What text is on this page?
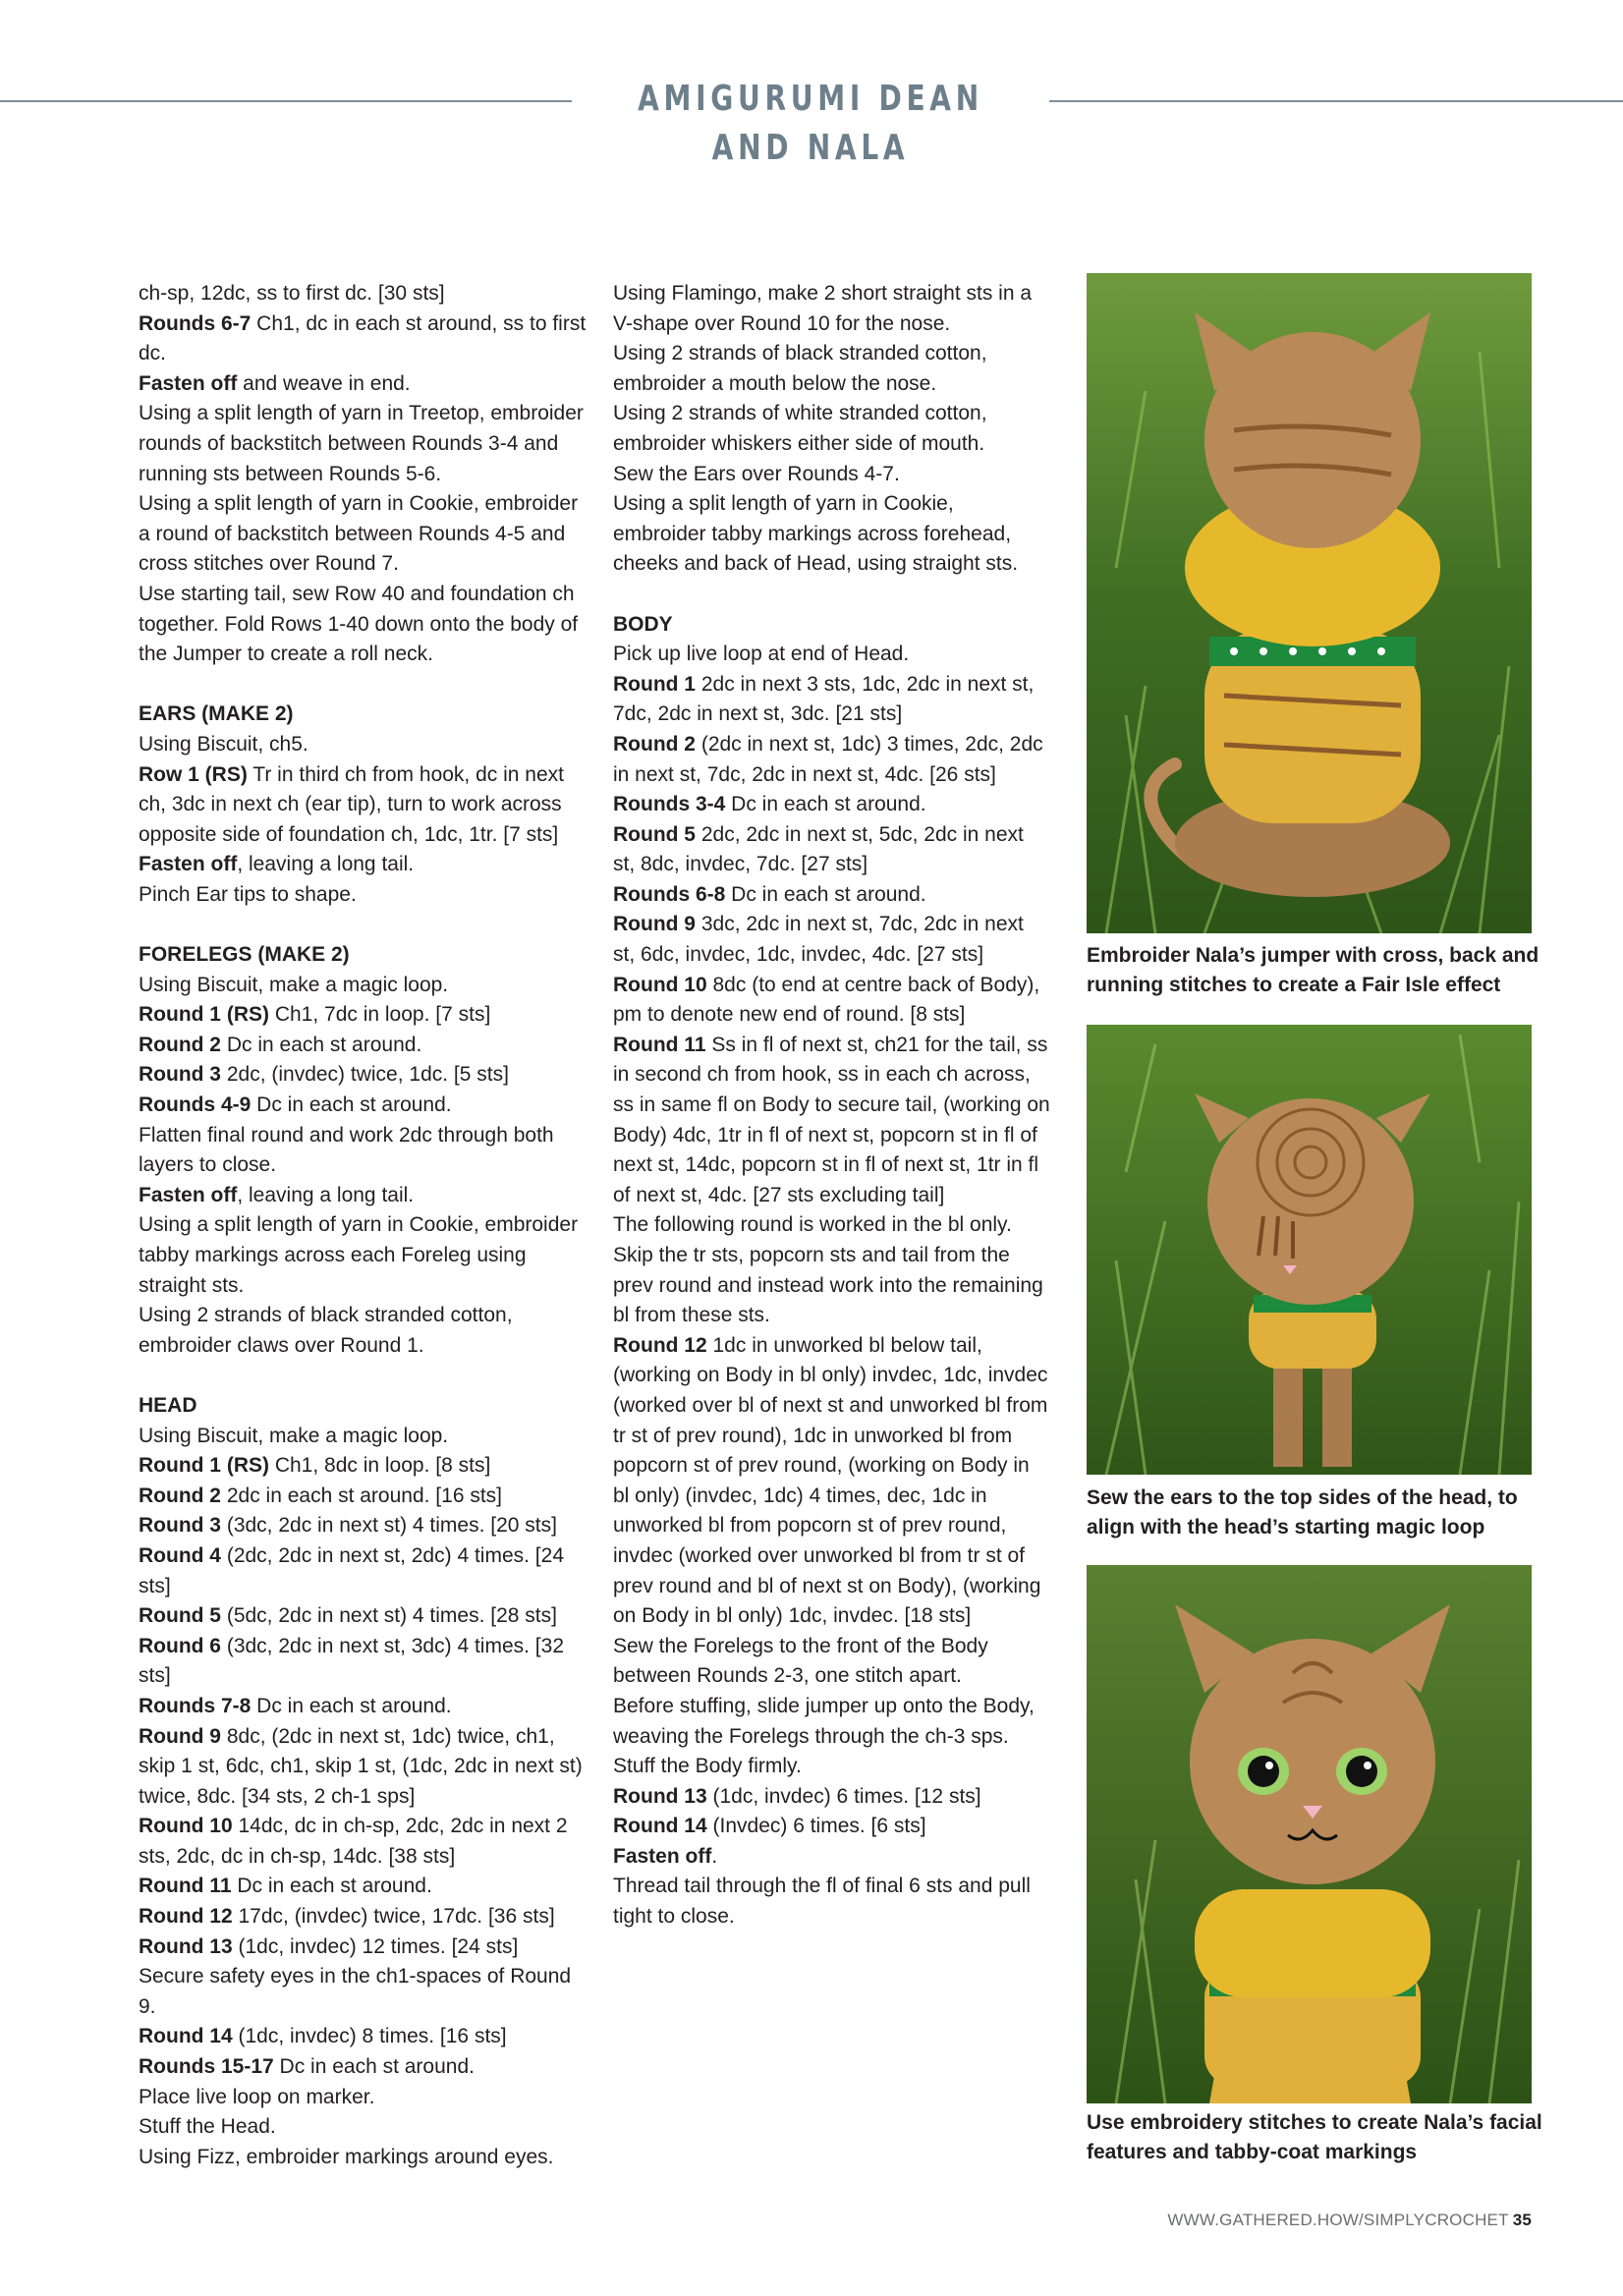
AMIGURUMI DEAN AND NALA

ch-sp, 12dc, ss to first dc. [30 sts]

Rounds 6-7 Ch1, dc in each st around, ss to first dc.

Fasten off and weave in end.

Using a split length of yarn in Treetop, embroider rounds of backstitch between Rounds 3-4 and running sts between Rounds 5-6.

Using a split length of yarn in Cookie, embroider a round of backstitch between Rounds 4-5 and cross stitches over Round 7.

Use starting tail, sew Row 40 and foundation ch together. Fold Rows 1-40 down onto the body of the Jumper to create a roll neck.

EARS (MAKE 2)

Using Biscuit, ch5.

Row 1 (RS) Tr in third ch from hook, dc in next ch, 3dc in next ch (ear tip), turn to work across opposite side of foundation ch, 1dc, 1tr. [7 sts]

Fasten off, leaving a long tail.

Pinch Ear tips to shape.

FORELEGS (MAKE 2)

Using Biscuit, make a magic loop.

Round 1 (RS) Ch1, 7dc in loop. [7 sts]

Round 2 Dc in each st around.

Round 3 2dc, (invdec) twice, 1dc. [5 sts]

Rounds 4-9 Dc in each st around.

Flatten final round and work 2dc through both layers to close.

Fasten off, leaving a long tail.

Using a split length of yarn in Cookie, embroider tabby markings across each Foreleg using straight sts.

Using 2 strands of black stranded cotton, embroider claws over Round 1.

HEAD

Using Biscuit, make a magic loop.

Round 1 (RS) Ch1, 8dc in loop. [8 sts]

Round 2 2dc in each st around. [16 sts]

Round 3 (3dc, 2dc in next st) 4 times. [20 sts]

Round 4 (2dc, 2dc in next st, 2dc) 4 times. [24 sts]

Round 5 (5dc, 2dc in next st) 4 times. [28 sts]

Round 6 (3dc, 2dc in next st, 3dc) 4 times. [32 sts]

Rounds 7-8 Dc in each st around.

Round 9 8dc, (2dc in next st, 1dc) twice, ch1, skip 1 st, 6dc, ch1, skip 1 st, (1dc, 2dc in next st) twice, 8dc. [34 sts, 2 ch-1 sps]

Round 10 14dc, dc in ch-sp, 2dc, 2dc in next 2 sts, 2dc, dc in ch-sp, 14dc. [38 sts]

Round 11 Dc in each st around.

Round 12 17dc, (invdec) twice, 17dc. [36 sts]

Round 13 (1dc, invdec) 12 times. [24 sts]

Secure safety eyes in the ch1-spaces of Round 9.

Round 14 (1dc, invdec) 8 times. [16 sts]

Rounds 15-17 Dc in each st around.

Place live loop on marker.

Stuff the Head.

Using Fizz, embroider markings around eyes.

Using Flamingo, make 2 short straight sts in a V-shape over Round 10 for the nose.

Using 2 strands of black stranded cotton, embroider a mouth below the nose.

Using 2 strands of white stranded cotton, embroider whiskers either side of mouth.

Sew the Ears over Rounds 4-7.

Using a split length of yarn in Cookie, embroider tabby markings across forehead, cheeks and back of Head, using straight sts.

BODY

Pick up live loop at end of Head.

Round 1 2dc in next 3 sts, 1dc, 2dc in next st, 7dc, 2dc in next st, 3dc. [21 sts]

Round 2 (2dc in next st, 1dc) 3 times, 2dc, 2dc in next st, 7dc, 2dc in next st, 4dc. [26 sts]

Rounds 3-4 Dc in each st around.

Round 5 2dc, 2dc in next st, 5dc, 2dc in next st, 8dc, invdec, 7dc. [27 sts]

Rounds 6-8 Dc in each st around.

Round 9 3dc, 2dc in next st, 7dc, 2dc in next st, 6dc, invdec, 1dc, invdec, 4dc. [27 sts]

Round 10 8dc (to end at centre back of Body), pm to denote new end of round. [8 sts]

Round 11 Ss in fl of next st, ch21 for the tail, ss in second ch from hook, ss in each ch across, ss in same fl on Body to secure tail, (working on Body) 4dc, 1tr in fl of next st, popcorn st in fl of next st, 14dc, popcorn st in fl of next st, 1tr in fl of next st, 4dc. [27 sts excluding tail]

The following round is worked in the bl only. Skip the tr sts, popcorn sts and tail from the prev round and instead work into the remaining bl from these sts.

Round 12 1dc in unworked bl below tail, (working on Body in bl only) invdec, 1dc, invdec (worked over bl of next st and unworked bl from tr st of prev round), 1dc in unworked bl from popcorn st of prev round, (working on Body in bl only) (invdec, 1dc) 4 times, dec, 1dc in unworked bl from popcorn st of prev round, invdec (worked over unworked bl from tr st of prev round and bl of next st on Body), (working on Body in bl only) 1dc, invdec. [18 sts]

Sew the Forelegs to the front of the Body between Rounds 2-3, one stitch apart.

Before stuffing, slide jumper up onto the Body, weaving the Forelegs through the ch-3 sps.

Stuff the Body firmly.

Round 13 (1dc, invdec) 6 times. [12 sts]

Round 14 (Invdec) 6 times. [6 sts]

Fasten off.

Thread tail through the fl of final 6 sts and pull tight to close.

Embroider Nala’s jumper with cross, back and running stitches to create a Fair Isle effect
Sew the ears to the top sides of the head, to align with the head’s starting magic loop
Use embroidery stitches to create Nala’s facial features and tabby-coat markings
WWW.GATHERED.HOW/SIMPLYCROCHET 35
